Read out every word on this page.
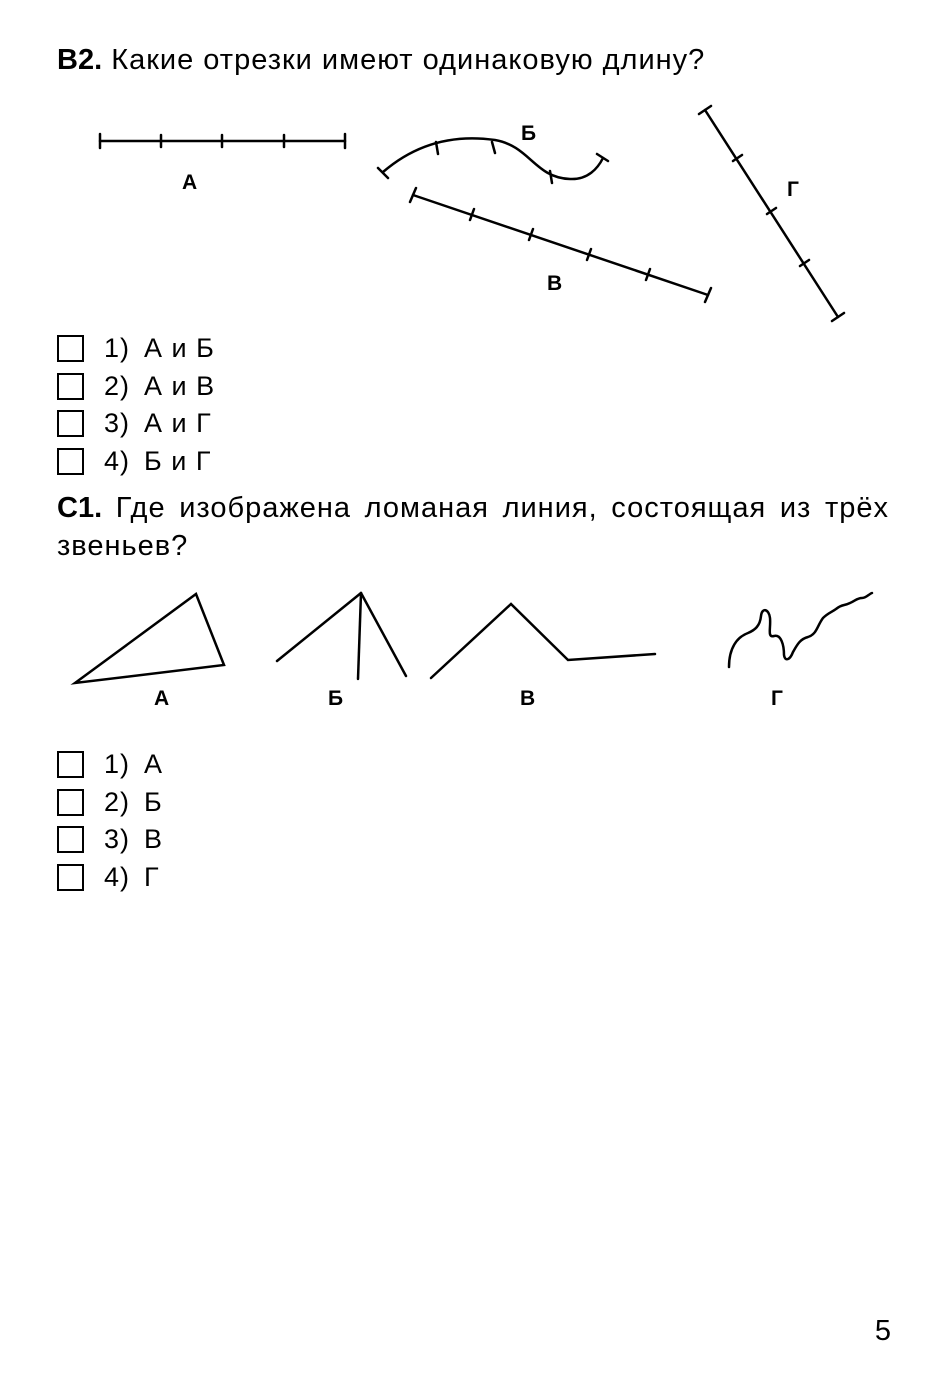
В2. Какие отрезки имеют одинаковую длину?
А
Б
В
Г
1) А и Б
2) А и В
3) А и Г
4) Б и Г
С1. Где изображена ломаная линия, состоящая из трёх звеньев?
А	Б	В	Г
1) А
2) Б
3) В
4) Г
5
